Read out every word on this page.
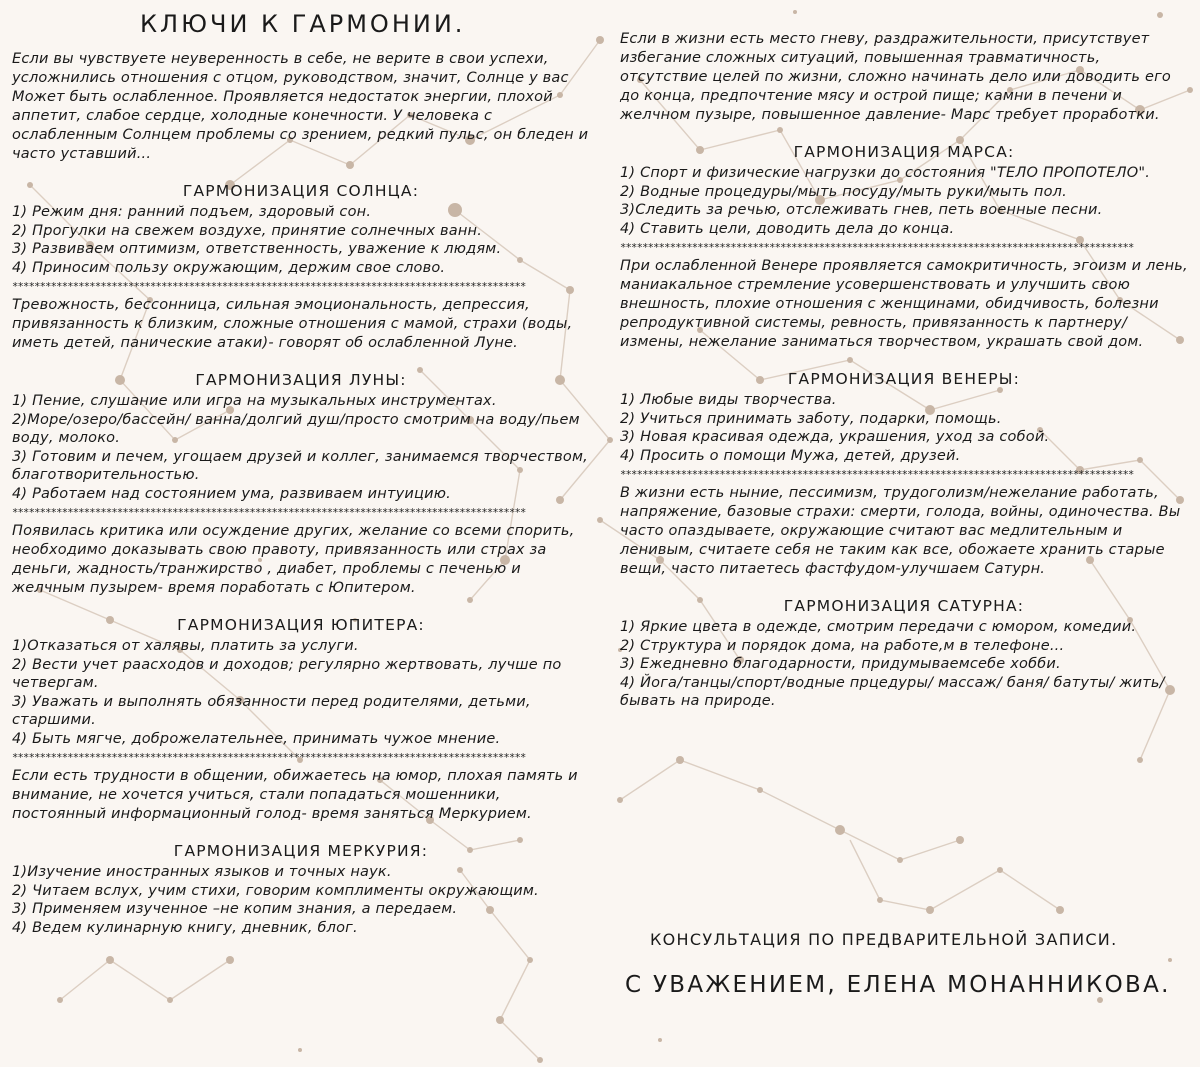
КЛЮЧИ К ГАРМОНИИ.

Если вы чувствуете неуверенность в себе, не верите в свои успехи, усложнились отношения с отцом, руководством, значит, Солнце у вас Может быть ослабленное. Проявляется недостаток энергии, плохой аппетит, слабое сердце, холодные конечности. У человека с ослабленным Солнцем проблемы со зрением, редкий пульс, он бледен и часто уставший...

ГАРМОНИЗАЦИЯ СОЛНЦА:
1) Режим дня: ранний подъем, здоровый сон.
2) Прогулки на свежем воздухе, принятие солнечных ванн.
3) Развиваем оптимизм, ответственность, уважение к людям.
4) Приносим пользу окружающим, держим свое слово.
*********************************************************************************************

Тревожность, бессонница, сильная эмоциональность, депрессия, привязанность к близким, сложные отношения с мамой, страхи (воды, иметь детей, панические атаки)- говорят об ослабленной Луне.

ГАРМОНИЗАЦИЯ ЛУНЫ:
1) Пение, слушание или игра на музыкальных инструментах.
2)Море/озеро/бассейн/ ванна/долгий душ/просто смотрим на воду/пьем воду, молоко.
3) Готовим и печем, угощаем друзей и коллег, занимаемся творчеством, благотворительностью.
4) Работаем над состоянием ума, развиваем интуицию.
*********************************************************************************************

Появилась критика или осуждение других, желание со всеми спорить, необходимо доказывать свою правоту, привязанность или страх за деньги, жадность/транжирство , диабет, проблемы с печенью и желчным пузырем- время поработать с Юпитером.

ГАРМОНИЗАЦИЯ ЮПИТЕРА:
1)Отказаться от халявы, платить за услуги.
2) Вести учет раасходов и доходов; регулярно жертвовать, лучше по четвергам.
3) Уважать и выполнять обязанности перед родителями, детьми, старшими.
4) Быть мягче, доброжелательнее, принимать чужое мнение.
*********************************************************************************************

Если есть трудности в общении, обижаетесь на юмор, плохая память и внимание, не хочется учиться, стали попадаться мошенники, постоянный информационный голод- время заняться Меркурием.

ГАРМОНИЗАЦИЯ МЕРКУРИЯ:
1)Изучение иностранных языков и точных наук.
2) Читаем вслух, учим стихи, говорим комплименты окружающим.
3) Применяем изученное –не копим знания, а передаем.
4) Ведем кулинарную книгу, дневник, блог.

Если в жизни есть место гневу, раздражительности, присутствует избегание сложных ситуаций, повышенная травматичность, отсутствие целей по жизни, сложно начинать дело или доводить его до конца, предпочтение мясу и острой пище; камни в печени и желчном пузыре, повышенное давление- Марс требует проработки.

ГАРМОНИЗАЦИЯ МАРСА:
1) Спорт и физические нагрузки до состояния "ТЕЛО ПРОПОТЕЛО".
2) Водные процедуры/мыть посуду/мыть руки/мыть пол.
3)Следить за речью, отслеживать гнев, петь военные песни.
4) Ставить цели, доводить дела до конца.
*********************************************************************************************

При ослабленной Венере проявляется самокритичность, эгоизм и лень, маниакальное стремление усовершенствовать и улучшить свою внешность, плохие отношения с женщинами, обидчивость, болезни репродуктивной системы, ревность, привязанность к партнеру/измены, нежелание заниматься творчеством, украшать свой дом.

ГАРМОНИЗАЦИЯ ВЕНЕРЫ:
1) Любые виды творчества.
2) Учиться принимать заботу, подарки, помощь.
3) Новая красивая одежда, украшения, уход за собой.
4) Просить о помощи Мужа, детей, друзей.
*********************************************************************************************

В жизни есть ныние, пессимизм, трудоголизм/нежелание работать, напряжение, базовые страхи: смерти, голода, войны, одиночества. Вы часто опаздываете, окружающие считают вас медлительным и ленивым, считаете себя не таким как все, обожаете хранить старые вещи, часто питаетесь фастфудом-улучшаем Сатурн.

ГАРМОНИЗАЦИЯ САТУРНА:
1) Яркие цвета в одежде, смотрим передачи с юмором, комедии.
2) Структура и порядок дома, на работе,м в телефоне...
3) Ежедневно благодарности, придумываемсебе хобби.
4) Йога/танцы/спорт/водные прцедуры/ массаж/ баня/ батуты/ жить/бывать на природе.
КОНСУЛЬТАЦИЯ ПО ПРЕДВАРИТЕЛЬНОЙ ЗАПИСИ.
С УВАЖЕНИЕМ, ЕЛЕНА МОНАННИКОВА.
